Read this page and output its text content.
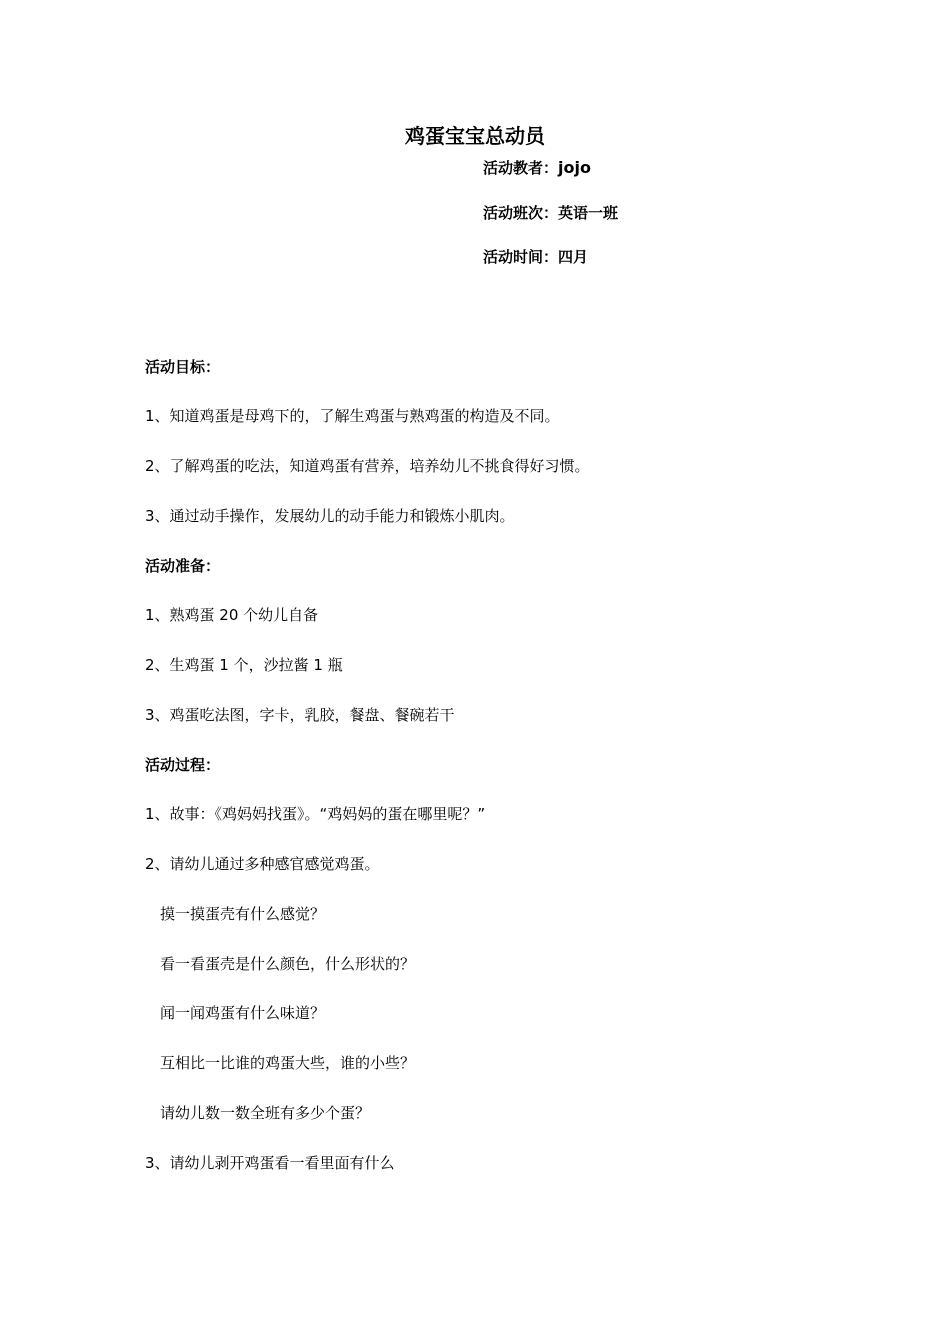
鸡蛋宝宝总动员
活动教者：jojo
活动班次：英语一班
活动时间：四月
活动目标：
1、知道鸡蛋是母鸡下的，了解生鸡蛋与熟鸡蛋的构造及不同。
2、了解鸡蛋的吃法，知道鸡蛋有营养，培养幼儿不挑食得好习惯。
3、通过动手操作，发展幼儿的动手能力和锻炼小肌肉。
活动准备：
1、熟鸡蛋 20 个幼儿自备
2、生鸡蛋 1 个，沙拉酱 1 瓶
3、鸡蛋吃法图，字卡，乳胶，餐盘、餐碗若干
活动过程：
1、故事：《鸡妈妈找蛋》。“鸡妈妈的蛋在哪里呢？”
2、请幼儿通过多种感官感觉鸡蛋。
摸一摸蛋壳有什么感觉？
看一看蛋壳是什么颜色，什么形状的？
闻一闻鸡蛋有什么味道？
互相比一比谁的鸡蛋大些，谁的小些？
请幼儿数一数全班有多少个蛋？
3、请幼儿剥开鸡蛋看一看里面有什么
